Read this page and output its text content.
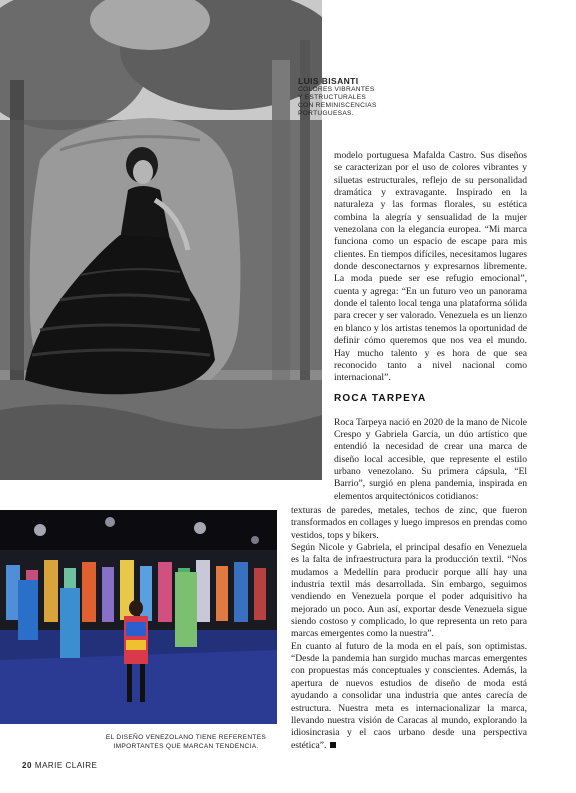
LUIS BISANTI
COLORES VIBRANTES Y ESTRUCTURALES CON REMINISCENCIAS PORTUGUESAS.

modelo portuguesa Mafalda Castro. Sus diseños se caracterizan por el uso de colores vibrantes y siluetas estructurales, reflejo de su personalidad dramática y extravagante. Inspirado en la naturaleza y las formas florales, su estética combina la alegría y sensualidad de la mujer venezolana con la elegancia europea. “Mi marca funciona como un espacio de escape para mis clientes. En tiempos difíciles, necesitamos lugares donde desconectarnos y expresarnos libremente. La moda puede ser ese refugio emocional”, cuenta y agrega: “En un futuro veo un panorama donde el talento local tenga una plataforma sólida para crecer y ser valorado. Venezuela es un lienzo en blanco y los artistas tenemos la oportunidad de definir cómo queremos que nos vea el mundo. Hay mucho talento y es hora de que sea reconocido tanto a nivel nacional como internacional”.

ROCA TARPEYA

Roca Tarpeya nació en 2020 de la mano de Nicole Crespo y Gabriela García, un dúo artístico que entendió la necesidad de crear una marca de diseño local accesible, que represente el estilo urbano venezolano. Su primera cápsula, “El Barrio”, surgió en plena pandemia, inspirada en elementos arquitectónicos cotidianos:

texturas de paredes, metales, techos de zinc, que fueron transformados en collages y luego impresos en prendas como vestidos, tops y bikers.

Según Nicole y Gabriela, el principal desafío en Venezuela es la falta de infraestructura para la producción textil. “Nos mudamos a Medellín para producir porque allí hay una industria textil más desarrollada. Sin embargo, seguimos vendiendo en Venezuela porque el poder adquisitivo ha mejorado un poco. Aun así, exportar desde Venezuela sigue siendo costoso y complicado, lo que representa un reto para marcas emergentes como la nuestra”.

En cuanto al futuro de la moda en el país, son optimistas. “Desde la pandemia han surgido muchas marcas emergentes con propuestas más conceptuales y conscientes. Además, la apertura de nuevos estudios de diseño de moda está ayudando a consolidar una industria que antes carecía de estructura. Nuestra meta es internacionalizar la marca, llevando nuestra visión de Caracas al mundo, explorando la idiosincrasia y el caos urbano desde una perspectiva estética”.

EL DISEÑO VENEZOLANO TIENE REFERENTES IMPORTANTES QUE MARCAN TENDENCIA.
20 MARIE CLAIRE
